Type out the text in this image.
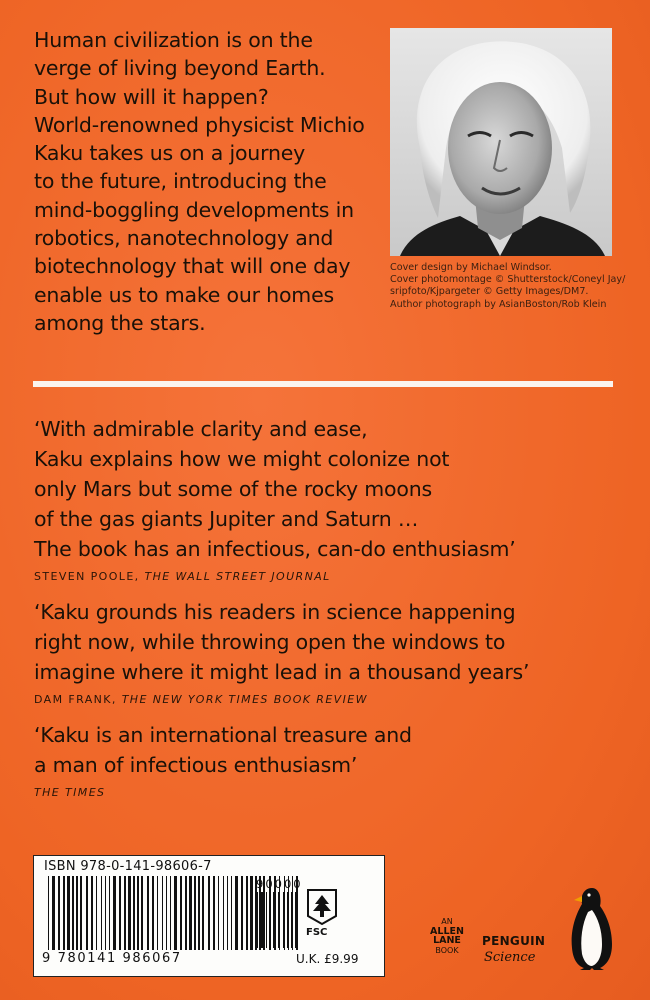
Human civilization is on the
verge of living beyond Earth.
But how will it happen?
World-renowned physicist Michio
Kaku takes us on a journey
to the future, introducing the
mind-boggling developments in
robotics, nanotechnology and
biotechnology that will one day
enable us to make our homes
among the stars.
Cover design by Michael Windsor.
Cover photomontage © Shutterstock/Coneyl Jay/
sripfoto/Kjpargeter © Getty Images/DM7.
Author photograph by AsianBoston/Rob Klein
‘With admirable clarity and ease,
Kaku explains how we might colonize not
only Mars but some of the rocky moons
of the gas giants Jupiter and Saturn …
The book has an infectious, can-do enthusiasm’
STEVEN POOLE, THE WALL STREET JOURNAL
‘Kaku grounds his readers in science happening
right now, while throwing open the windows to
imagine where it might lead in a thousand years’
DAM FRANK, THE NEW YORK TIMES BOOK REVIEW
‘Kaku is an international treasure and
a man of infectious enthusiasm’
THE TIMES
ISBN 978-0-141-98606-7
90000
FSC
9 780141 986067	U.K. £9.99
AN
ALLEN
LANE
BOOK
PENGUIN
Science
